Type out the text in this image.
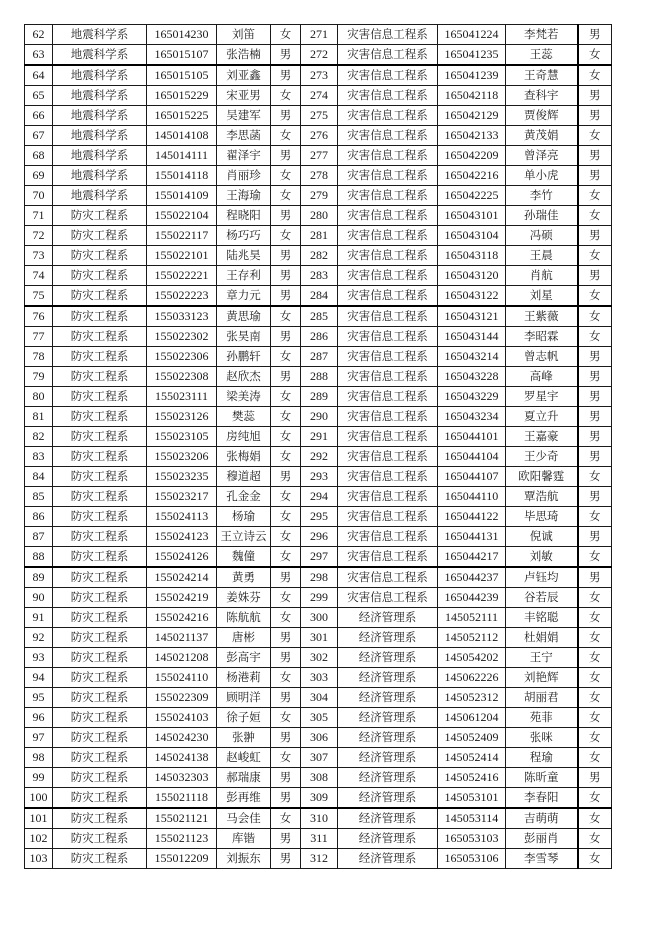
62	地震科学系	165014230	刘笛	女	271	灾害信息工程系	165041224	李梵若	男
63	地震科学系	165015107	张浩楠	男	272	灾害信息工程系	165041235	王蕊	女
64	地震科学系	165015105	刘亚鑫	男	273	灾害信息工程系	165041239	王奇慧	女
65	地震科学系	165015229	宋亚男	女	274	灾害信息工程系	165042118	查科宇	男
66	地震科学系	165015225	吴建军	男	275	灾害信息工程系	165042129	贾俊辉	男
67	地震科学系	145014108	李思菡	女	276	灾害信息工程系	165042133	黄茂娟	女
68	地震科学系	145014111	翟泽宇	男	277	灾害信息工程系	165042209	曾泽亮	男
69	地震科学系	155014118	肖丽珍	女	278	灾害信息工程系	165042216	单小虎	男
70	地震科学系	155014109	王海瑜	女	279	灾害信息工程系	165042225	李竹	女
71	防灾工程系	155022104	程晓阳	男	280	灾害信息工程系	165043101	孙瑞佳	女
72	防灾工程系	155022117	杨巧巧	女	281	灾害信息工程系	165043104	冯硕	男
73	防灾工程系	155022101	陆兆昊	男	282	灾害信息工程系	165043118	王晨	女
74	防灾工程系	155022221	王存利	男	283	灾害信息工程系	165043120	肖航	男
75	防灾工程系	155022223	章力元	男	284	灾害信息工程系	165043122	刘星	女
76	防灾工程系	155033123	黄思瑜	女	285	灾害信息工程系	165043121	王紫薇	女
77	防灾工程系	155022302	张昊南	男	286	灾害信息工程系	165043144	李昭霖	女
78	防灾工程系	155022306	孙鹏轩	女	287	灾害信息工程系	165043214	曾志帆	男
79	防灾工程系	155022308	赵欣杰	男	288	灾害信息工程系	165043228	高峰	男
80	防灾工程系	155023111	梁美涛	女	289	灾害信息工程系	165043229	罗星宇	男
81	防灾工程系	155023126	樊蕊	女	290	灾害信息工程系	165043234	夏立升	男
82	防灾工程系	155023105	房纯旭	女	291	灾害信息工程系	165044101	王嘉豪	男
83	防灾工程系	155023206	张梅娟	女	292	灾害信息工程系	165044104	王少奇	男
84	防灾工程系	155023235	穆道超	男	293	灾害信息工程系	165044107	欧阳馨霆	女
85	防灾工程系	155023217	孔金金	女	294	灾害信息工程系	165044110	覃浩航	男
86	防灾工程系	155024113	杨瑜	女	295	灾害信息工程系	165044122	毕思琦	女
87	防灾工程系	155024123	王立诗云	女	296	灾害信息工程系	165044131	倪诚	男
88	防灾工程系	155024126	魏僮	女	297	灾害信息工程系	165044217	刘敏	女
89	防灾工程系	155024214	黄勇	男	298	灾害信息工程系	165044237	卢钰均	男
90	防灾工程系	155024219	姜姝芬	女	299	灾害信息工程系	165044239	谷若辰	女
91	防灾工程系	155024216	陈航航	女	300	经济管理系	145052111	丰铭聪	女
92	防灾工程系	145021137	唐彬	男	301	经济管理系	145052112	杜娟娟	女
93	防灾工程系	145021208	彭高宇	男	302	经济管理系	145054202	王宁	女
94	防灾工程系	155024110	杨港莉	女	303	经济管理系	145062226	刘艳辉	女
95	防灾工程系	155022309	顾明洋	男	304	经济管理系	145052312	胡丽君	女
96	防灾工程系	155024103	徐子姮	女	305	经济管理系	145061204	苑菲	女
97	防灾工程系	145024230	张翀	男	306	经济管理系	145052409	张咪	女
98	防灾工程系	145024138	赵峻虹	女	307	经济管理系	145052414	程瑜	女
99	防灾工程系	145032303	郝瑞康	男	308	经济管理系	145052416	陈昕童	男
100	防灾工程系	155021118	彭再维	男	309	经济管理系	145053101	李春阳	女
101	防灾工程系	155021121	马会佳	女	310	经济管理系	145053114	吉萌萌	女
102	防灾工程系	155021123	库锴	男	311	经济管理系	165053103	彭丽肖	女
103	防灾工程系	155012209	刘振东	男	312	经济管理系	165053106	李雪琴	女
